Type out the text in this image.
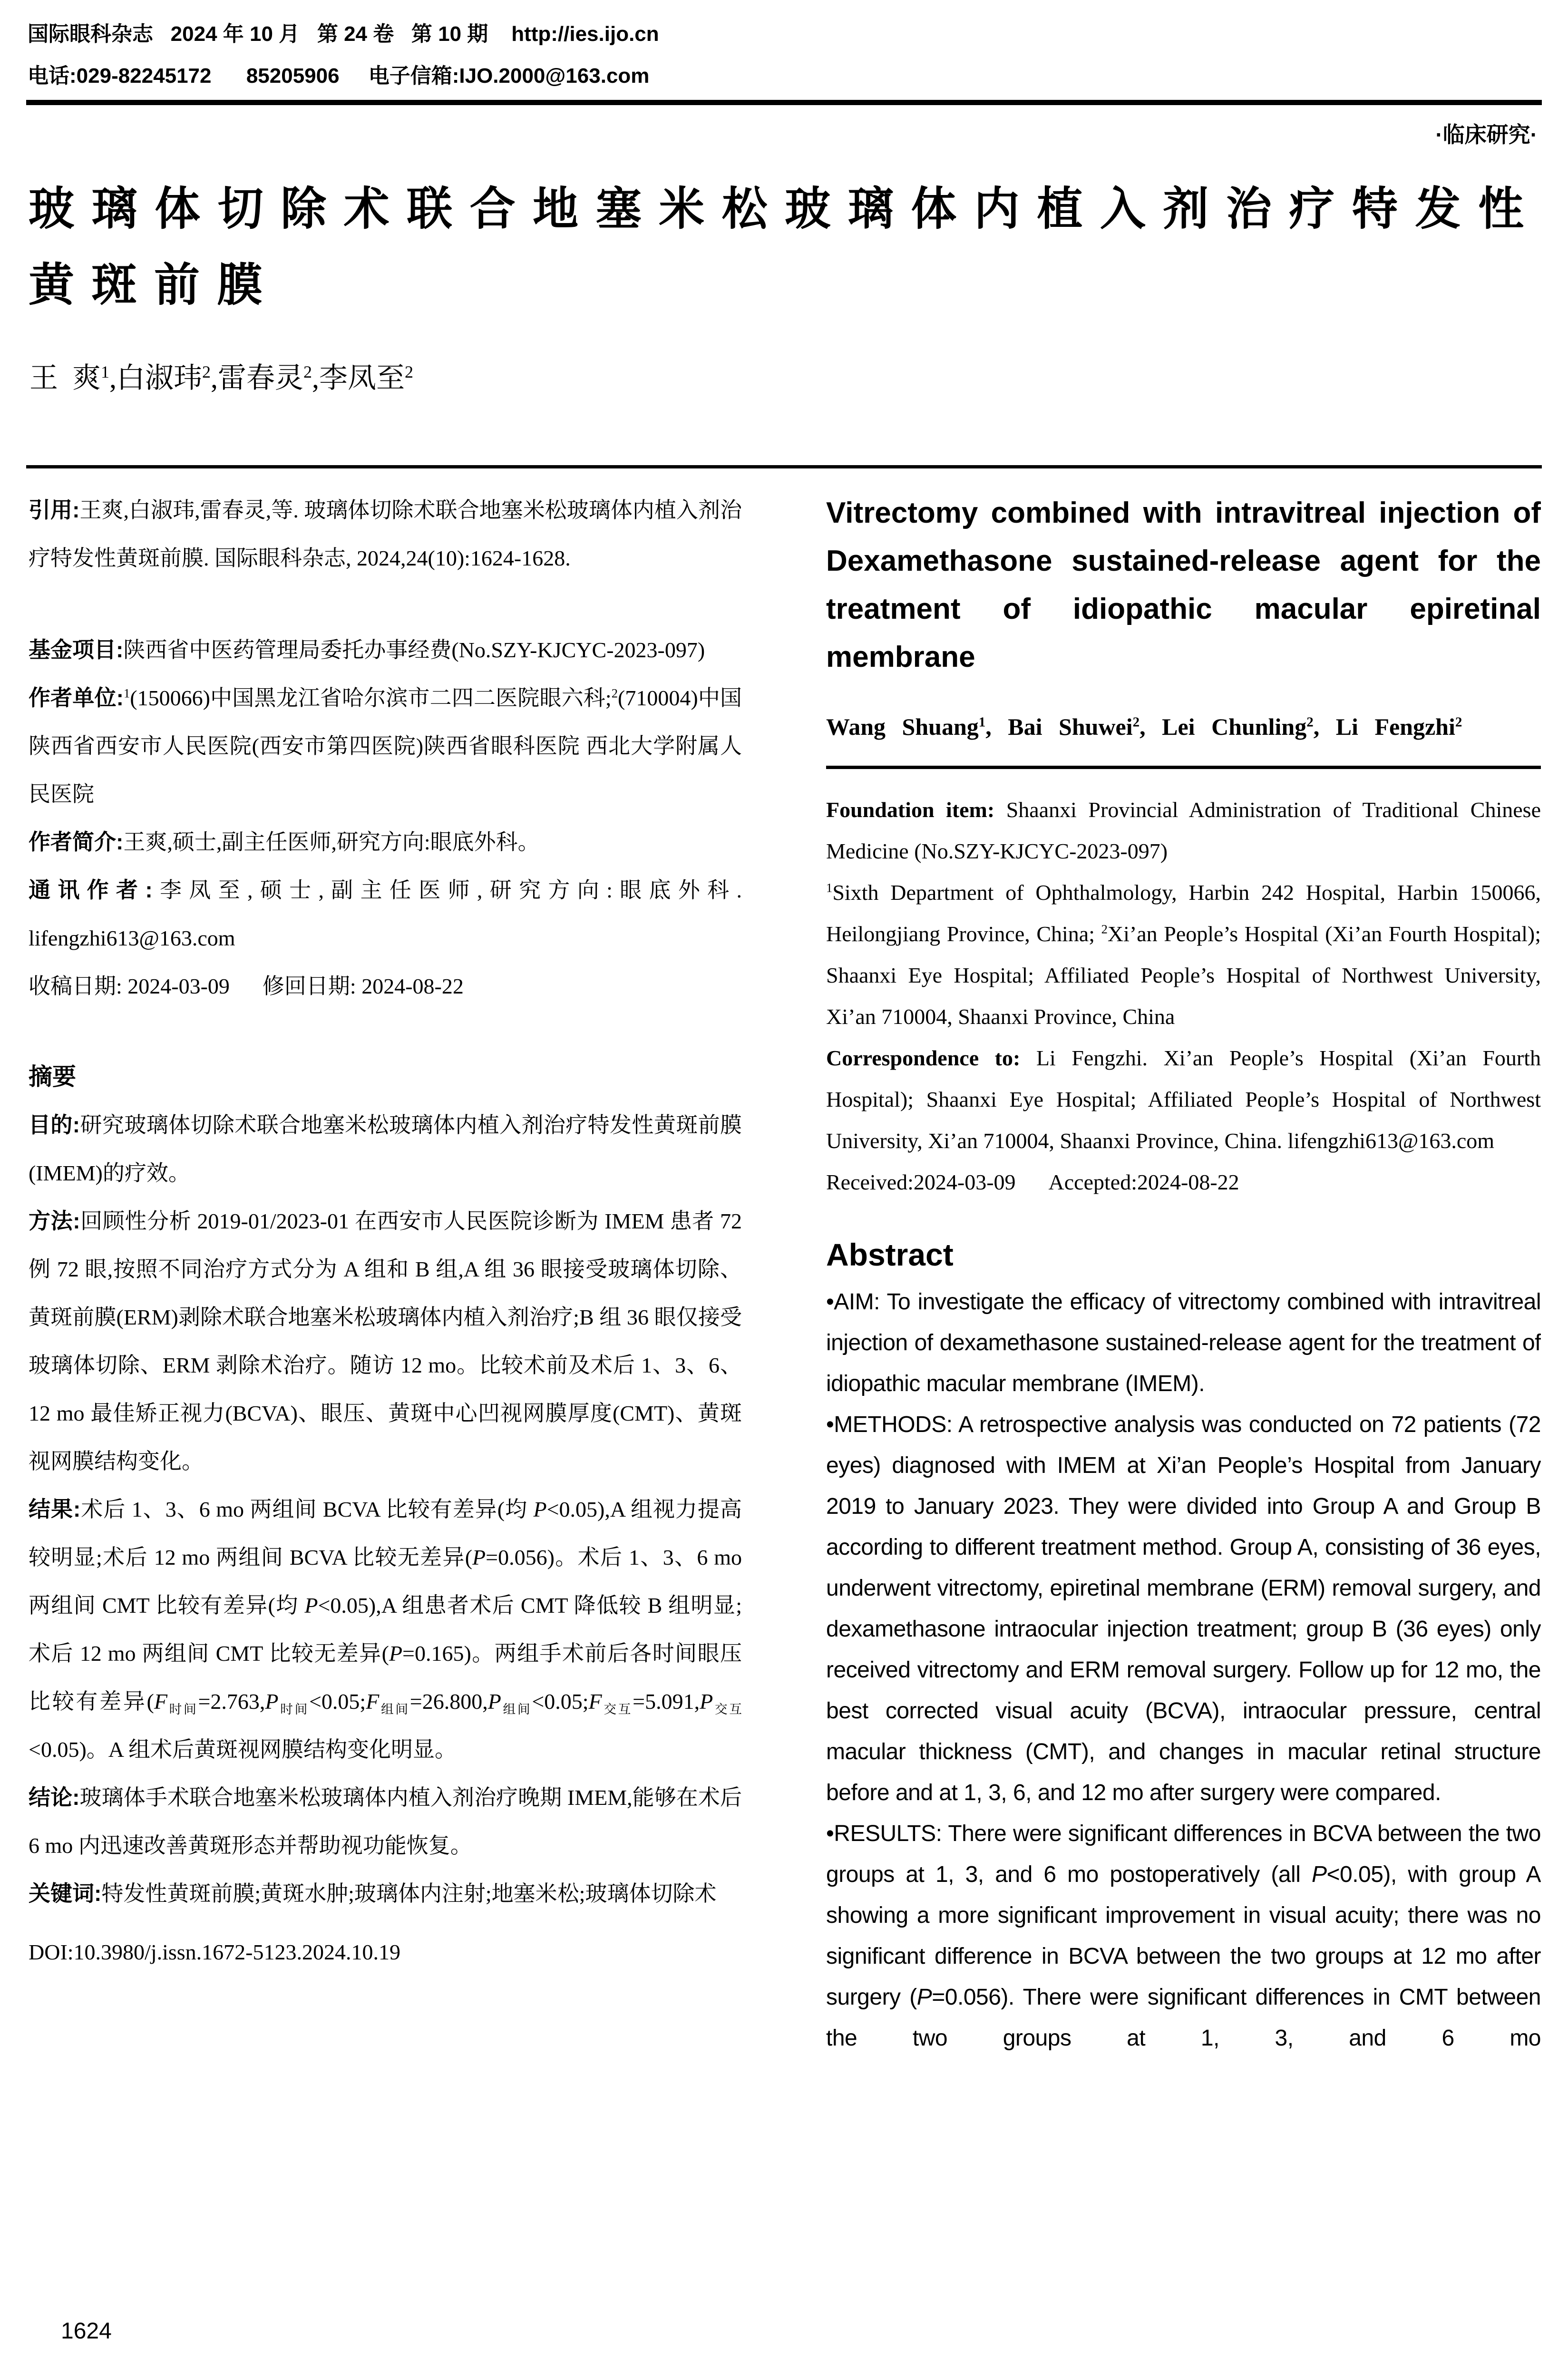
国际眼科杂志   2024 年 10 月   第 24 卷   第 10 期    http://ies.ijo.cn
电话:029-82245172      85205906     电子信箱:IJO.2000@163.com
·临床研究·
玻璃体切除术联合地塞米松玻璃体内植入剂治疗特发性黄斑前膜
王  爽$^1$,白淑玮$^2$,雷春灵$^2$,李凤至$^2$

引用:王爽,白淑玮,雷春灵,等. 玻璃体切除术联合地塞米松玻璃体内植入剂治疗特发性黄斑前膜. 国际眼科杂志, 2024,24(10):1624-1628.

基金项目:陕西省中医药管理局委托办事经费(No.SZY-KJCYC-2023-097)

作者单位:$^1$(150066)中国黑龙江省哈尔滨市二四二医院眼六科;$^2$(710004)中国陕西省西安市人民医院(西安市第四医院)陕西省眼科医院 西北大学附属人民医院

作者简介:王爽,硕士,副主任医师,研究方向:眼底外科。

通讯作者:李凤至,硕士,副主任医师,研究方向:眼底外科. lifengzhi613@163.com

收稿日期: 2024-03-09      修回日期: 2024-08-22

摘要

目的:研究玻璃体切除术联合地塞米松玻璃体内植入剂治疗特发性黄斑前膜(IMEM)的疗效。

方法:回顾性分析 2019-01/2023-01 在西安市人民医院诊断为 IMEM 患者 72 例 72 眼,按照不同治疗方式分为 A 组和 B 组,A 组 36 眼接受玻璃体切除、黄斑前膜(ERM)剥除术联合地塞米松玻璃体内植入剂治疗;B 组 36 眼仅接受玻璃体切除、ERM 剥除术治疗。随访 12 mo。比较术前及术后 1、3、6、12 mo 最佳矫正视力(BCVA)、眼压、黄斑中心凹视网膜厚度(CMT)、黄斑视网膜结构变化。

结果:术后 1、3、6 mo 两组间 BCVA 比较有差异(均 P<0.05),A 组视力提高较明显;术后 12 mo 两组间 BCVA 比较无差异(P=0.056)。术后 1、3、6 mo 两组间 CMT 比较有差异(均 P<0.05),A 组患者术后 CMT 降低较 B 组明显;术后 12 mo 两组间 CMT 比较无差异(P=0.165)。两组手术前后各时间眼压比较有差异$(F_{时间}=2.763,P_{时间}<0.05;F_{组间}=26.800,P_{组间}<0.05;F_{交互}=5.091,P_{交互}<0.05)$。A 组术后黄斑视网膜结构变化明显。

结论:玻璃体手术联合地塞米松玻璃体内植入剂治疗晚期 IMEM,能够在术后 6 mo 内迅速改善黄斑形态并帮助视功能恢复。

关键词:特发性黄斑前膜;黄斑水肿;玻璃体内注射;地塞米松;玻璃体切除术

DOI:10.3980/j.issn.1672-5123.2024.10.19

Vitrectomy combined with intravitreal injection of Dexamethasone sustained-release agent for the treatment of idiopathic macular epiretinal membrane
Wang Shuang$^1$, Bai Shuwei$^2$, Lei Chunling$^2$, Li Fengzhi$^2$

Foundation item: Shaanxi Provincial Administration of Traditional Chinese Medicine (No.SZY-KJCYC-2023-097)

$^1$Sixth Department of Ophthalmology, Harbin 242 Hospital, Harbin 150066, Heilongjiang Province, China; $^2$Xi’an People’s Hospital (Xi’an Fourth Hospital); Shaanxi Eye Hospital; Affiliated People’s Hospital of Northwest University, Xi’an 710004, Shaanxi Province, China

Correspondence to: Li Fengzhi. Xi’an People’s Hospital (Xi’an Fourth Hospital); Shaanxi Eye Hospital; Affiliated People’s Hospital of Northwest University, Xi’an 710004, Shaanxi Province, China. lifengzhi613@163.com

Received:2024-03-09      Accepted:2024-08-22

Abstract

•AIM: To investigate the efficacy of vitrectomy combined with intravitreal injection of dexamethasone sustained-release agent for the treatment of idiopathic macular membrane (IMEM).

•METHODS: A retrospective analysis was conducted on 72 patients (72 eyes) diagnosed with IMEM at Xi’an People’s Hospital from January 2019 to January 2023. They were divided into Group A and Group B according to different treatment method. Group A, consisting of 36 eyes, underwent vitrectomy, epiretinal membrane (ERM) removal surgery, and dexamethasone intraocular injection treatment; group B (36 eyes) only received vitrectomy and ERM removal surgery. Follow up for 12 mo, the best corrected visual acuity (BCVA), intraocular pressure, central macular thickness (CMT), and changes in macular retinal structure before and at 1, 3, 6, and 12 mo after surgery were compared.

•RESULTS: There were significant differences in BCVA between the two groups at 1, 3, and 6 mo postoperatively (all P<0.05), with group A showing a more significant improvement in visual acuity; there was no significant difference in BCVA between the two groups at 12 mo after surgery (P=0.056). There were significant differences in CMT between the two groups at 1, 3, and 6 mo

1624
